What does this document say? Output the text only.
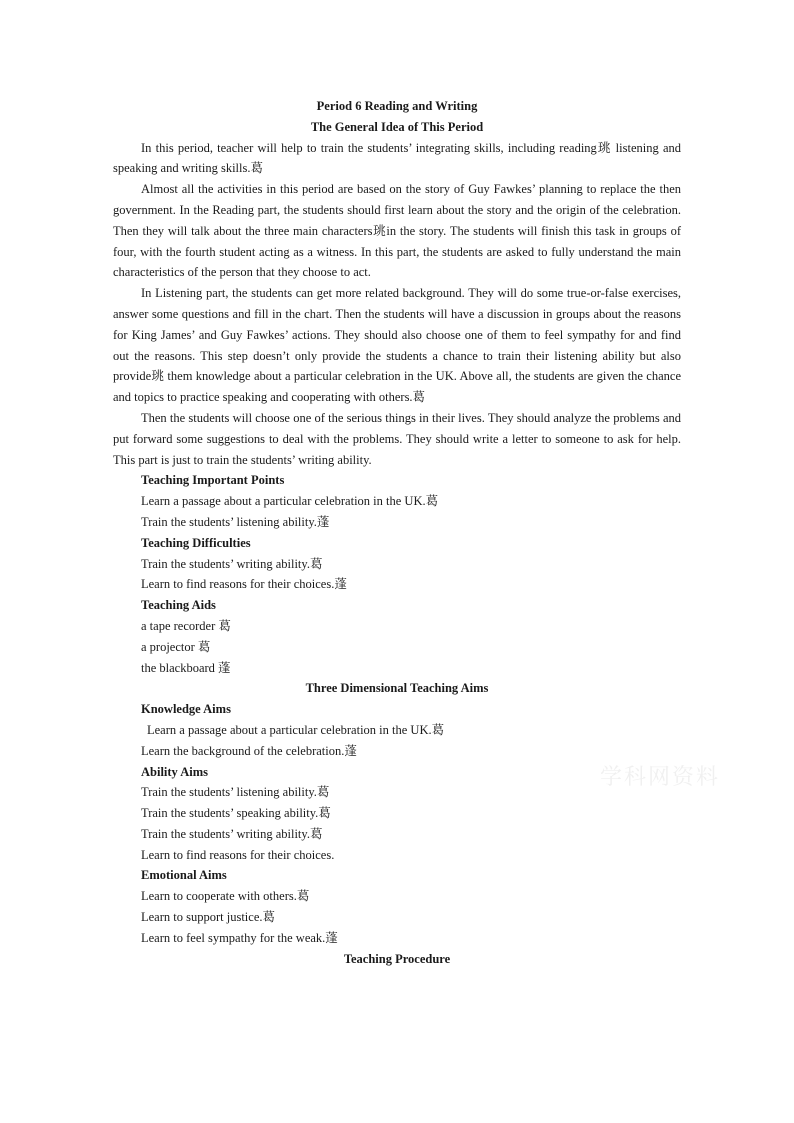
Period 6 Reading and Writing

The General Idea of This Period

In this period, teacher will help to train the students’ integrating skills, including reading珧 listening and speaking and writing skills.葛

Almost all the activities in this period are based on the story of Guy Fawkes’ planning to replace the then government. In the Reading part, the students should first learn about the story and the origin of the celebration. Then they will talk about the three main characters珧in the story. The students will finish this task in groups of four, with the fourth student acting as a witness. In this part, the students are asked to fully understand the main characteristics of the person that they choose to act.

In Listening part, the students can get more related background. They will do some true-or-false exercises, answer some questions and fill in the chart. Then the students will have a discussion in groups about the reasons for King James’ and Guy Fawkes’ actions. They should also choose one of them to feel sympathy for and find out the reasons. This step doesn’t only provide the students a chance to train their listening ability but also provide珧 them knowledge about a particular celebration in the UK. Above all, the students are given the chance and topics to practice speaking and cooperating with others.葛

Then the students will choose one of the serious things in their lives. They should analyze the problems and put forward some suggestions to deal with the problems. They should write a letter to someone to ask for help. This part is just to train the students’ writing ability.

Teaching Important Points

Learn a passage about a particular celebration in the UK.葛

Train the students’ listening ability.蓬

Teaching Difficulties

Train the students’ writing ability.葛

Learn to find reasons for their choices.蓬

Teaching Aids

a tape recorder 葛

a projector 葛

the blackboard 蓬

Three Dimensional Teaching Aims

Knowledge Aims

Learn a passage about a particular celebration in the UK.葛

Learn the background of the celebration.蓬

Ability Aims

Train the students’ listening ability.葛

Train the students’ speaking ability.葛

Train the students’ writing ability.葛

Learn to find reasons for their choices.

Emotional Aims

Learn to cooperate with others.葛

Learn to support justice.葛

Learn to feel sympathy for the weak.蓬

Teaching Procedure

学科网资料
